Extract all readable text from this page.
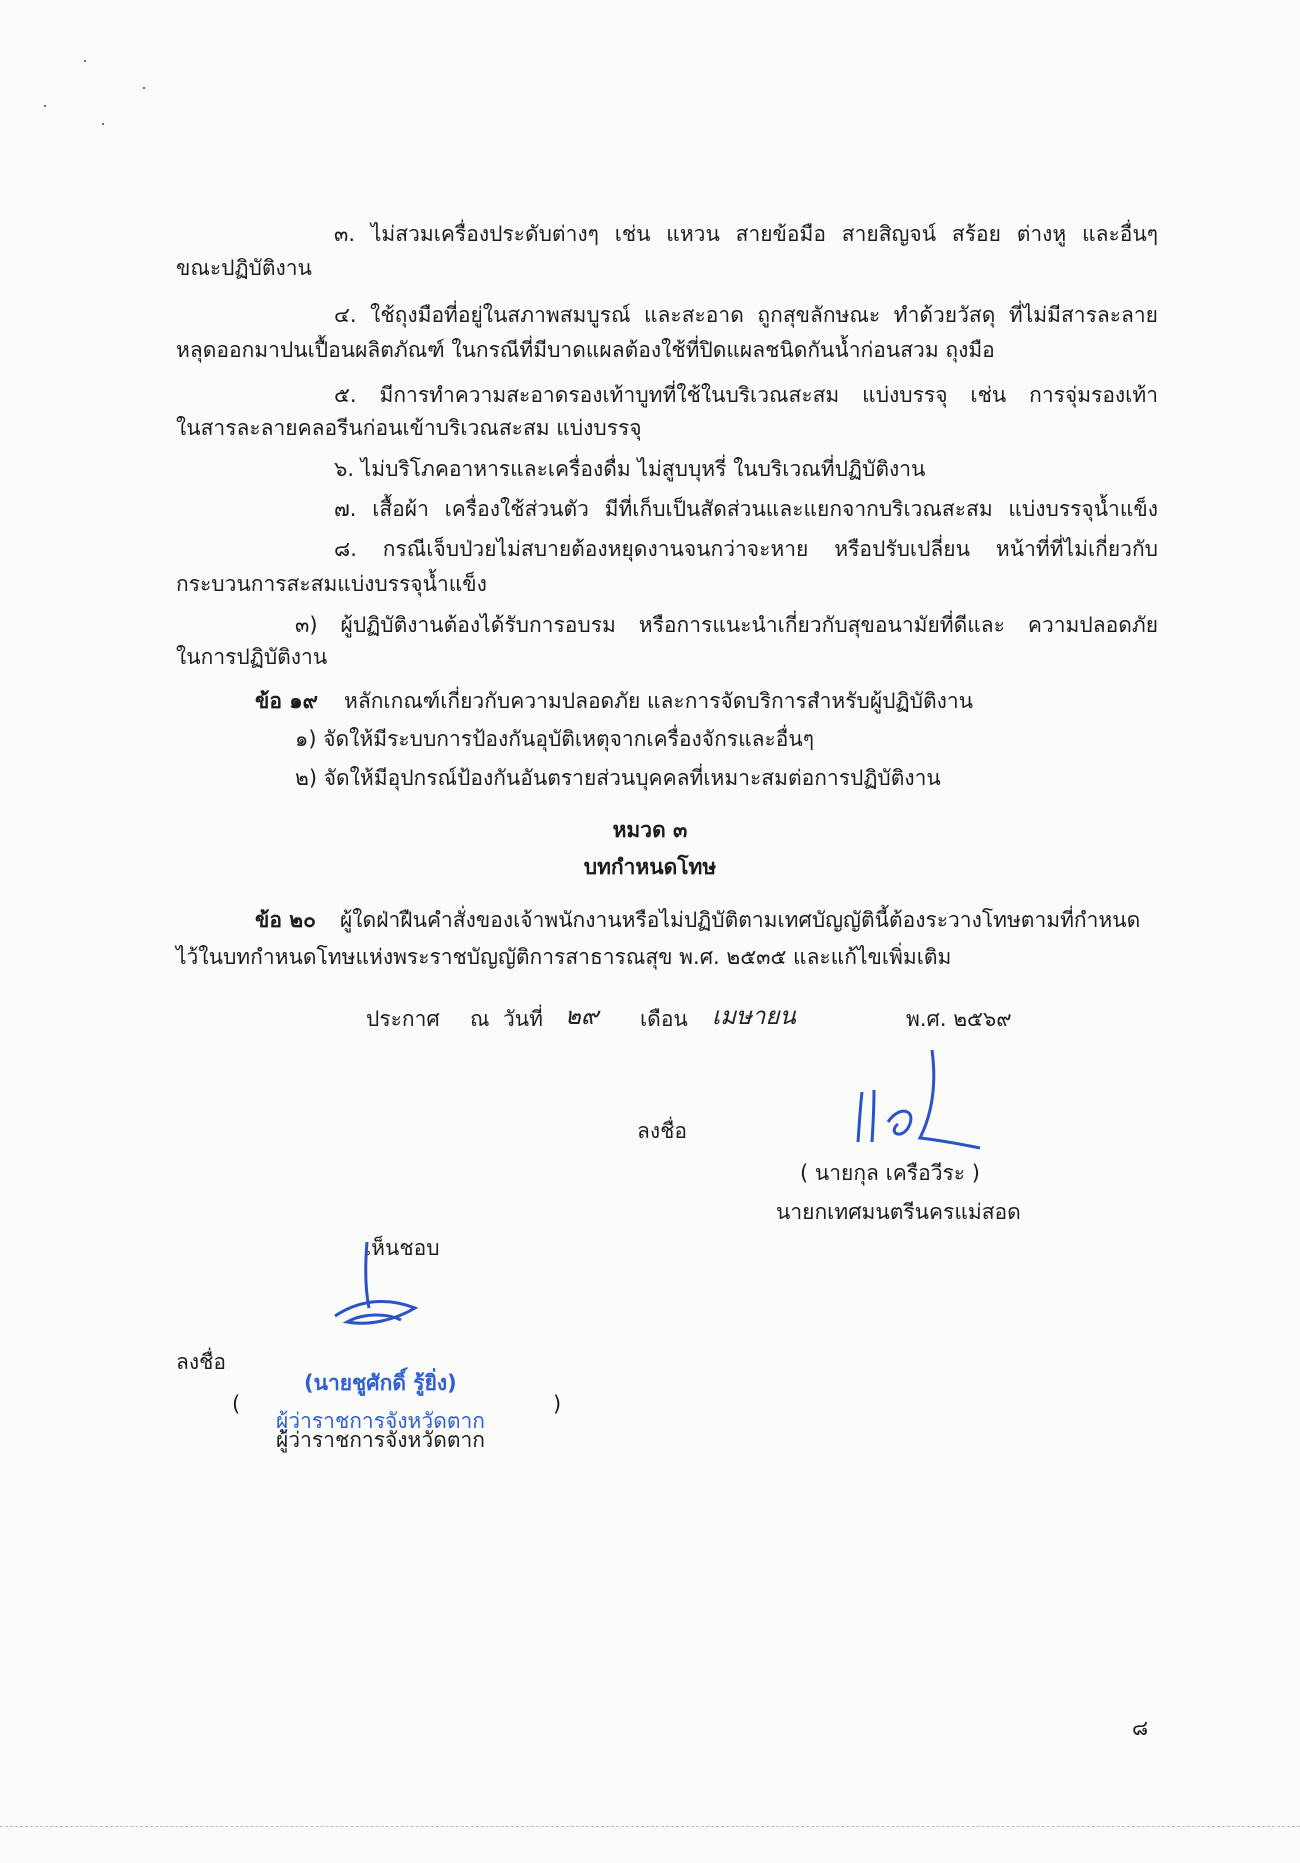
๓. ไม่สวมเครื่องประดับต่างๆ เช่น แหวน สายข้อมือ สายสิญจน์ สร้อย ต่างหู และอื่นๆ
ขณะปฏิบัติงาน
๔. ใช้ถุงมือที่อยู่ในสภาพสมบูรณ์ และสะอาด ถูกสุขลักษณะ ทำด้วยวัสดุ ที่ไม่มีสารละลาย
หลุดออกมาปนเปื้อนผลิตภัณฑ์ ในกรณีที่มีบาดแผลต้องใช้ที่ปิดแผลชนิดกันน้ำก่อนสวม ถุงมือ
๕. มีการทำความสะอาดรองเท้าบูทที่ใช้ในบริเวณสะสม แบ่งบรรจุ เช่น การจุ่มรองเท้า
ในสารละลายคลอรีนก่อนเข้าบริเวณสะสม แบ่งบรรจุ
๖. ไม่บริโภคอาหารและเครื่องดื่ม ไม่สูบบุหรี่ ในบริเวณที่ปฏิบัติงาน
๗. เสื้อผ้า เครื่องใช้ส่วนตัว มีที่เก็บเป็นสัดส่วนและแยกจากบริเวณสะสม แบ่งบรรจุน้ำแข็ง
๘. กรณีเจ็บป่วยไม่สบายต้องหยุดงานจนกว่าจะหาย หรือปรับเปลี่ยน หน้าที่ที่ไม่เกี่ยวกับ
กระบวนการสะสมแบ่งบรรจุน้ำแข็ง
๓) ผู้ปฏิบัติงานต้องได้รับการอบรม หรือการแนะนำเกี่ยวกับสุขอนามัยที่ดีและ ความปลอดภัย
ในการปฏิบัติงาน
ข้อ ๑๙ หลักเกณฑ์เกี่ยวกับความปลอดภัย และการจัดบริการสำหรับผู้ปฏิบัติงาน
๑) จัดให้มีระบบการป้องกันอุบัติเหตุจากเครื่องจักรและอื่นๆ
๒) จัดให้มีอุปกรณ์ป้องกันอันตรายส่วนบุคคลที่เหมาะสมต่อการปฏิบัติงาน
หมวด ๓
บทกำหนดโทษ
ข้อ ๒๐ ผู้ใดฝ่าฝืนคำสั่งของเจ้าพนักงานหรือไม่ปฏิบัติตามเทศบัญญัตินี้ต้องระวางโทษตามที่กำหนด
ไว้ในบทกำหนดโทษแห่งพระราชบัญญัติการสาธารณสุข พ.ศ. ๒๕๓๕ และแก้ไขเพิ่มเติม
ประกาศ ณ วันที่ ๒๙ เดือน เมษายน	พ.ศ. ๒๕๖๙
ลงชื่อ
( นายกุล เครือวีระ )
นายกเทศมนตรีนครแม่สอด
เห็นชอบ
ลงชื่อ
(
(นายชูศักดิ์ รู้ยิ่ง)
ผู้ว่าราชการจังหวัดตาก
)
ผู้ว่าราชการจังหวัดตาก
๘
